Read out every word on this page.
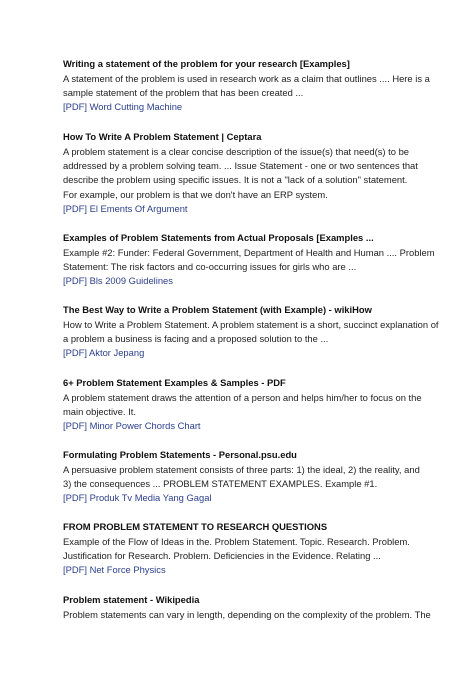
Writing a statement of the problem for your research [Examples]
A statement of the problem is used in research work as a claim that outlines .... Here is a
sample statement of the problem that has been created ...
[PDF] Word Cutting Machine
How To Write A Problem Statement | Ceptara
A problem statement is a clear concise description of the issue(s) that need(s) to be
addressed by a problem solving team. ... Issue Statement - one or two sentences that
describe the problem using specific issues. It is not a "lack of a solution" statement.
For example, our problem is that we don't have an ERP system.
[PDF] El Ements Of Argument
Examples of Problem Statements from Actual Proposals [Examples ...
Example #2: Funder: Federal Government, Department of Health and Human .... Problem
Statement: The risk factors and co-occurring issues for girls who are ...
[PDF] Bls 2009 Guidelines
The Best Way to Write a Problem Statement (with Example) - wikiHow
How to Write a Problem Statement. A problem statement is a short, succinct explanation of
a problem a business is facing and a proposed solution to the ...
[PDF] Aktor Jepang
6+ Problem Statement Examples & Samples - PDF
A problem statement draws the attention of a person and helps him/her to focus on the
main objective. It.
[PDF] Minor Power Chords Chart
Formulating Problem Statements - Personal.psu.edu
A persuasive problem statement consists of three parts: 1) the ideal, 2) the reality, and
3) the consequences ... PROBLEM STATEMENT EXAMPLES. Example #1.
[PDF] Produk Tv Media Yang Gagal
FROM PROBLEM STATEMENT TO RESEARCH QUESTIONS
Example of the Flow of Ideas in the. Problem Statement. Topic. Research. Problem.
Justification for Research. Problem. Deficiencies in the Evidence. Relating ...
[PDF] Net Force Physics
Problem statement - Wikipedia
Problem statements can vary in length, depending on the complexity of the problem. The
